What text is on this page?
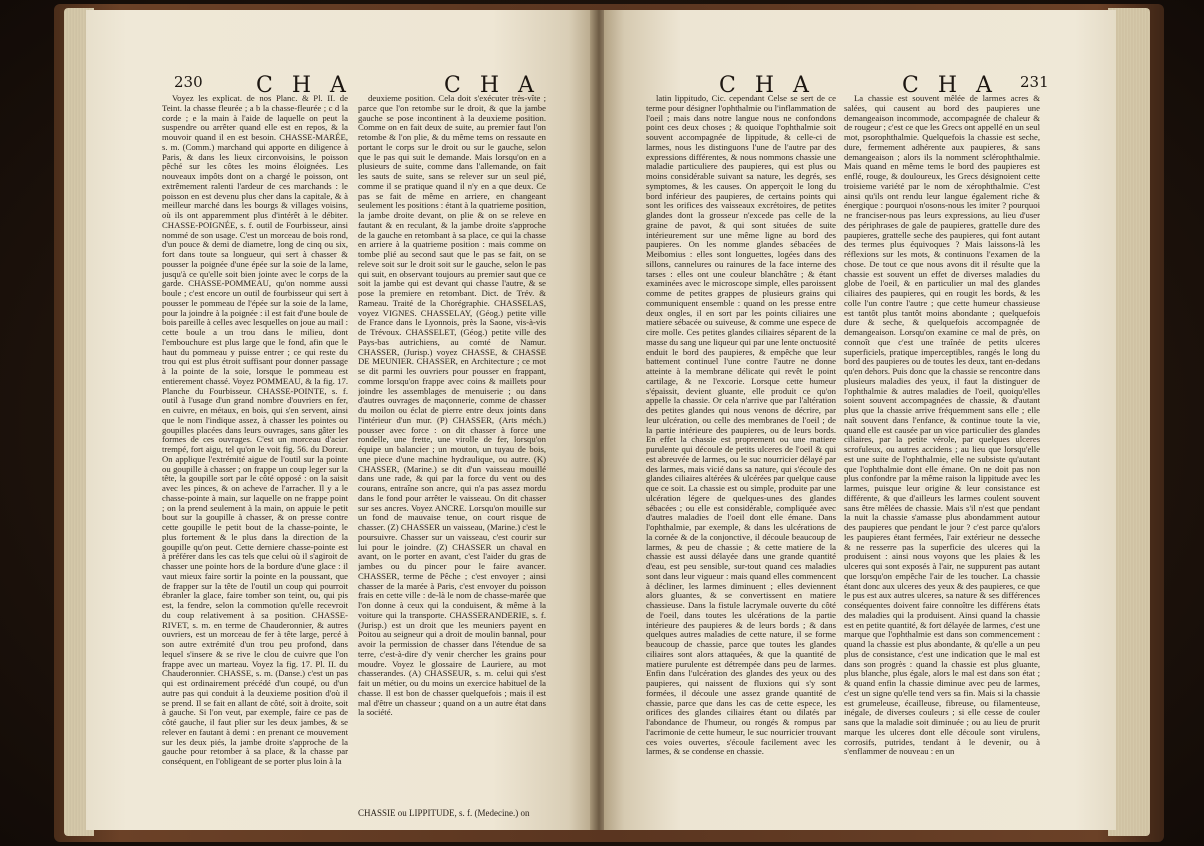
230 C H A	C H A

Voyez les explicat. de nos Planc. & Pl. II. de Teint. la chasse fleurée ; a b la chasse-fleurée ; c d la corde ; e la main à l'aide de laquelle on peut la suspendre ou arrêter quand elle est en repos, & la mouvoir quand il en est besoin. CHASSE-MARÉE, s. m. (Comm.) marchand qui apporte en diligence à Paris, & dans les lieux circonvoisins, le poisson pêché sur les côtes les moins éloignées. Les nouveaux impôts dont on a chargé le poisson, ont extrêmement ralenti l'ardeur de ces marchands : le poisson en est devenu plus cher dans la capitale, & à meilleur marché dans les bourgs & villages voisins, où ils ont apparemment plus d'intérêt à le débiter. CHASSE-POIGNÉE, s. f. outil de Fourbisseur, ainsi nommé de son usage. C'est un morceau de bois rond, d'un pouce & demi de diametre, long de cinq ou six, fort dans toute sa longueur, qui sert à chasser & pousser la poignée d'une épée sur la soie de la lame, jusqu'à ce qu'elle soit bien jointe avec le corps de la garde. CHASSE-POMMEAU, qu'on nomme aussi boule ; c'est encore un outil de fourbisseur qui sert à pousser le pommeau de l'épée sur la soie de la lame, pour la joindre à la poignée : il est fait d'une boule de bois pareille à celles avec lesquelles on joue au mail : cette boule a un trou dans le milieu, dont l'embouchure est plus large que le fond, afin que le haut du pommeau y puisse entrer ; ce qui reste du trou qui est plus étroit suffisant pour donner passage à la pointe de la soie, lorsque le pommeau est entierement chassé. Voyez POMMEAU, & la fig. 17. Planche du Fourbisseur. CHASSE-POINTE, s. f. outil à l'usage d'un grand nombre d'ouvriers en fer, en cuivre, en métaux, en bois, qui s'en servent, ainsi que le nom l'indique assez, à chasser les pointes ou goupilles placées dans leurs ouvrages, sans gâter les formes de ces ouvrages. C'est un morceau d'acier trempé, fort aigu, tel qu'on le voit fig. 56. du Doreur. On applique l'extrémité aigue de l'outil sur la pointe ou goupille à chasser ; on frappe un coup leger sur la tête, la goupille sort par le côté opposé : on la saisit avec les pinces, & on acheve de l'arracher. Il y a le chasse-pointe à main, sur laquelle on ne frappe point ; on la prend seulement à la main, on appuie le petit bout sur la goupille à chasser, & on presse contre cette goupille le petit bout de la chasse-pointe, le plus fortement & le plus dans la direction de la goupille qu'on peut. Cette derniere chasse-pointe est à préférer dans les cas tels que celui où il s'agiroit de chasser une pointe hors de la bordure d'une glace : il vaut mieux faire sortir la pointe en la poussant, que de frapper sur la tête de l'outil un coup qui pourroit ébranler la glace, faire tomber son teint, ou, qui pis est, la fendre, selon la commotion qu'elle recevroit du coup relativement à sa position. CHASSE-RIVET, s. m. en terme de Chauderonnier, & autres ouvriers, est un morceau de fer à tête large, percé à son autre extrémité d'un trou peu profond, dans lequel s'insere & se rive le clou de cuivre que l'on frappe avec un marteau. Voyez la fig. 17. Pl. II. du Chauderonnier. CHASSE, s. m. (Danse.) c'est un pas qui est ordinairement précédé d'un coupé, ou d'un autre pas qui conduit à la deuxieme position d'où il se prend. Il se fait en allant de côté, soit à droite, soit à gauche. Si l'on veut, par exemple, faire ce pas de côté gauche, il faut plier sur les deux jambes, & se relever en fautant à demi : en prenant ce mouvement sur les deux piés, la jambe droite s'approche de la gauche pour retomber à sa place, & la chasse par conséquent, en l'obligeant de se porter plus loin à la

deuxieme position. Cela doit s'exécuter très-vîte ; parce que l'on retombe sur le droit, & que la jambe gauche se pose incontinent à la deuxieme position. Comme on en fait deux de suite, au premier faut l'on retombe & l'on plie, & du même tems on ressaute en portant le corps sur le droit ou sur le gauche, selon que le pas qui suit le demande. Mais lorsqu'on en a plusieurs de suite, comme dans l'allemande, on fait les sauts de suite, sans se relever sur un seul pié, comme il se pratique quand il n'y en a que deux. Ce pas se fait de même en arriere, en changeant seulement les positions : étant à la quatrieme position, la jambe droite devant, on plie & on se releve en fautant & en reculant, & la jambe droite s'approche de la gauche en retombant à sa place, ce qui la chasse en arriere à la quatrieme position : mais comme on tombe plié au second saut que le pas se fait, on se releve soit sur le droit soit sur le gauche, selon le pas qui suit, en observant toujours au premier saut que ce soit la jambe qui est devant qui chasse l'autre, & se pose la premiere en retombant. Dict. de Trév. & Rameau. Traité de la Chorégraphie. CHASSELAS, voyez VIGNES. CHASSELAY, (Géog.) petite ville de France dans le Lyonnois, près la Saone, vis-à-vis de Trévoux. CHASSELET, (Géog.) petite ville des Pays-bas autrichiens, au comté de Namur. CHASSER, (Jurisp.) voyez CHASSE, & CHASSE DE MEUNIER. CHASSER, en Architecture ; ce mot se dit parmi les ouvriers pour pousser en frappant, comme lorsqu'on frappe avec coins & maillets pour joindre les assemblages de menuiserie ; ou dans d'autres ouvrages de maçonnerie, comme de chasser du moilon ou éclat de pierre entre deux joints dans l'intérieur d'un mur. (P) CHASSER, (Arts méch.) pousser avec force : on dit chasser à force une rondelle, une frette, une virolle de fer, lorsqu'on équipe un balancier ; un mouton, un tuyau de bois, une piece d'une machine hydraulique, ou autre. (K) CHASSER, (Marine.) se dit d'un vaisseau mouillé dans une rade, & qui par la force du vent ou des courans, entraîne son ancre, qui n'a pas assez mordu dans le fond pour arrêter le vaisseau. On dit chasser sur ses ancres. Voyez ANCRE. Lorsqu'on mouille sur un fond de mauvaise tenue, on court risque de chasser. (Z) CHASSER un vaisseau, (Marine.) c'est le poursuivre. Chasser sur un vaisseau, c'est courir sur lui pour le joindre. (Z) CHASSER un chaval en avant, on le porter en avant, c'est l'aider du gras de jambes ou du pincer pour le faire avancer. CHASSER, terme de Pêche ; c'est envoyer ; ainsi chasser de la marée à Paris, c'est envoyer du poisson frais en cette ville : de-là le nom de chasse-marée que l'on donne à ceux qui la conduisent, & même à la voiture qui la transporte. CHASSERANDERIE, s. f. (Jurisp.) est un droit que les meuniers payent en Poitou au seigneur qui a droit de moulin bannal, pour avoir la permission de chasser dans l'étendue de sa terre, c'est-à-dire d'y venir chercher les grains pour moudre. Voyez le glossaire de Lauriere, au mot chasserandes. (A) CHASSEUR, s. m. celui qui s'est fait un métier, ou du moins un exercice habituel de la chasse. Il est bon de chasser quelquefois ; mais il est mal d'être un chasseur ; quand on a un autre état dans la société.

CHASSIE ou LIPPITUDE, s. f. (Medecine.) on
C H A	C H A 231

latin lippitudo, Cic. cependant Celse se sert de ce terme pour désigner l'ophthalmie ou l'inflammation de l'oeil ; mais dans notre langue nous ne confondons point ces deux choses ; & quoique l'ophthalmie soit souvent accompagnée de lippitude, & celle-ci de larmes, nous les distinguons l'une de l'autre par des expressions différentes, & nous nommons chassie une maladie particuliere des paupieres, qui est plus ou moins considérable suivant sa nature, les degrés, ses symptomes, & les causes. On apperçoit le long du bord inférieur des paupieres, de certains points qui sont les orifices des vaisseaux excrétoires, de petites glandes dont la grosseur n'excede pas celle de la graine de pavot, & qui sont situées de suite intérieurement sur une même ligne au bord des paupieres. On les nomme glandes sébacées de Meibomius : elles sont longuettes, logées dans des sillons, cannelures ou rainures de la face interne des tarses : elles ont une couleur blanchâtre ; & étant examinées avec le microscope simple, elles paroissent comme de petites grappes de plusieurs grains qui communiquent ensemble : quand on les presse entre deux ongles, il en sort par les points ciliaires une matiere sébacée ou suiveuse, & comme une espece de cire molle. Ces petites glandes ciliaires séparent de la masse du sang une liqueur qui par une lente onctuosité enduit le bord des paupieres, & empêche que leur battement continuel l'une contre l'autre ne donne atteinte à la membrane délicate qui revêt le point cartilage, & ne l'excorie. Lorsque cette humeur s'épaissit, devient gluante, elle produit ce qu'on appelle la chassie. Or cela n'arrive que par l'altération des petites glandes qui nous venons de décrire, par leur ulcération, ou celle des membranes de l'oeil ; de la partie intérieure des paupieres, ou de leurs bords. En effet la chassie est proprement ou une matiere purulente qui découle de petits ulceres de l'oeil & qui est abreuvée de larmes, ou le suc nourricier délayé par des larmes, mais vicié dans sa nature, qui s'écoule des glandes ciliaires altérées & ulcérées par quelque cause que ce soit. La chassie est ou simple, produite par une ulcération légere de quelques-unes des glandes sébacées ; ou elle est considérable, compliquée avec d'autres maladies de l'oeil dont elle émane. Dans l'ophthalmie, par exemple, & dans les ulcérations de la cornée & de la conjonctive, il découle beaucoup de larmes, & peu de chassie ; & cette matiere de la chassie est aussi délayée dans une grande quantité d'eau, est peu sensible, sur-tout quand ces maladies sont dans leur vigueur : mais quand elles commencent à décliner, les larmes diminuent ; elles deviennent alors gluantes, & se convertissent en matiere chassieuse. Dans la fistule lacrymale ouverte du côté de l'oeil, dans toutes les ulcérations de la partie intérieure des paupieres & de leurs bords ; & dans quelques autres maladies de cette nature, il se forme beaucoup de chassie, parce que toutes les glandes ciliaires sont alors attaquées, & que la quantité de matiere purulente est détrempée dans peu de larmes. Enfin dans l'ulcération des glandes des yeux ou des paupieres, qui naissent de fluxions qui s'y sont formées, il découle une assez grande quantité de chassie, parce que dans les cas de cette espece, les orifices des glandes ciliaires étant ou dilatés par l'abondance de l'humeur, ou rongés & rompus par l'acrimonie de cette humeur, le suc nourricier trouvant ces voies ouvertes, s'écoule facilement avec les larmes, & se condense en chassie.

La chassie est souvent mêlée de larmes acres & salées, qui causent au bord des paupieres une demangeaison incommode, accompagnée de chaleur & de rougeur ; c'est ce que les Grecs ont appellé en un seul mot, psorophthalmie. Quelquefois la chassie est seche, dure, fermement adhérente aux paupieres, & sans demangeaison ; alors ils la nomment sclérophthalmie. Mais quand en même tems le bord des paupieres est enflé, rouge, & douloureux, les Grecs désignoient cette troisieme variété par le nom de xérophthalmie. C'est ainsi qu'ils ont rendu leur langue également riche & énergique : pourquoi n'osons-nous les imiter ? pourquoi ne franciser-nous pas leurs expressions, au lieu d'user des périphrases de gale de paupieres, grattelle dure des paupieres, grattelle seche des paupieres, qui font autant des termes plus équivoques ? Mais laissons-là les réflexions sur les mots, & continuons l'examen de la chose. De tout ce que nous avons dit il résulte que la chassie est souvent un effet de diverses maladies du globe de l'oeil, & en particulier un mal des glandes ciliaires des paupieres, qui en rougit les bords, & les colle l'un contre l'autre ; que cette humeur chassieuse est tantôt plus tantôt moins abondante ; quelquefois dure & seche, & quelquefois accompagnée de demangeaison. Lorsqu'on examine ce mal de près, on connoît que c'est une traînée de petits ulceres superficiels, pratique imperceptibles, rangés le long du bord des paupieres ou de toutes les deux, tant en-dedans qu'en dehors. Puis donc que la chassie se rencontre dans plusieurs maladies des yeux, il faut la distinguer de l'ophthalmie & autres maladies de l'oeil, quoiqu'elles soient souvent accompagnées de chassie, & d'autant plus que la chassie arrive fréquemment sans elle ; elle naît souvent dans l'enfance, & continue toute la vie, quand elle est causée par un vice particulier des glandes ciliaires, par la petite vérole, par quelques ulceres scrofuleux, ou autres accidens ; au lieu que lorsqu'elle est une suite de l'ophthalmie, elle ne subsiste qu'autant que l'ophthalmie dont elle émane. On ne doit pas non plus confondre par la même raison la lippitude avec les larmes, puisque leur origine & leur consistance est différente, & que d'ailleurs les larmes coulent souvent sans être mêlées de chassie. Mais s'il n'est que pendant la nuit la chassie s'amasse plus abondamment autour des paupieres que pendant le jour ? c'est parce qu'alors les paupieres étant fermées, l'air extérieur ne desseche & ne resserre pas la superficie des ulceres qui la produisent : ainsi nous voyons que les plaies & les ulceres qui sont exposés à l'air, ne suppurent pas autant que lorsqu'on empêche l'air de les toucher. La chassie étant donc aux ulceres des yeux & des paupieres, ce que le pus est aux autres ulceres, sa nature & ses différences conséquentes doivent faire connoître les différens états des maladies qui la produisent. Ainsi quand la chassie est en petite quantité, & fort délayée de larmes, c'est une marque que l'ophthalmie est dans son commencement : quand la chassie est plus abondante, & qu'elle a un peu plus de consistance, c'est une indication que le mal est dans son progrès : quand la chassie est plus gluante, plus blanche, plus égale, alors le mal est dans son état ; & quand enfin la chassie diminue avec peu de larmes, c'est un signe qu'elle tend vers sa fin. Mais si la chassie est grumeleuse, écailleuse, fibreuse, ou filamenteuse, inégale, de diverses couleurs ; si elle cesse de couler sans que la maladie soit diminuée ; ou au lieu de prurit marque les ulceres dont elle découle sont virulens, corrosifs, putrides, tendant à le devenir, ou à s'enflammer de nouveau : en un
